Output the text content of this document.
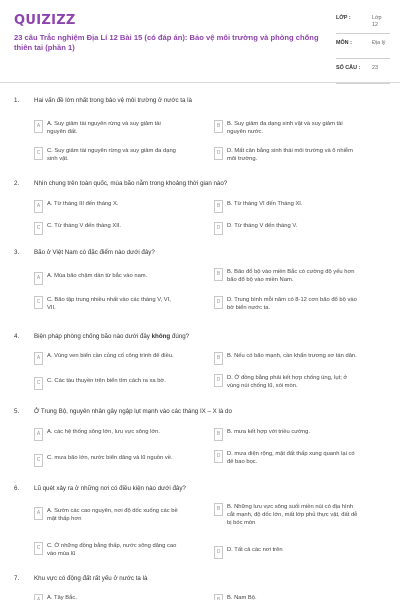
QUIZIZZ
23 câu Trắc nghiệm Địa Lí 12 Bài 15 (có đáp án): Bảo vệ môi trường và phòng chống thiên tai (phần 1)
LỚP :	Lớp 12
MÔN :	Địa lý
SỐ CÂU : 23
1. Hai vấn đề lớn nhất trong bảo vệ môi trường ở nước ta là
A	A. Suy giảm tài nguyên rừng và suy giảm tài nguyên đất.
B	B. Suy giảm đa dạng sinh vật và suy giảm tài nguyên nước.
C	C. Suy giảm tài nguyên rừng và suy giảm đa dạng sinh vật.
D	D. Mất cân bằng sinh thái môi trường và ô nhiễm môi trường.
2. Nhìn chung trên toàn quốc, mùa bão nằm trong khoảng thời gian nào?
A	A. Từ tháng III đến tháng X.	B	B. Từ tháng VI đến Tháng XI.
C	C. Từ tháng V đến tháng XII.	D	D. Từ tháng V đến tháng V.
3. Bão ở Việt Nam có đặc điểm nào dưới đây?
A	A. Mùa bão chậm dần từ bắc vào nam.	B	B. Bão đổ bộ vào miền Bắc có cường độ yếu hơn bão đổ bộ vào miền Nam.
C	C. Bão tập trung nhiều nhất vào các tháng V, VI, VII.
D	D. Trung bình mỗi năm có 8-12 cơn bão đổ bộ vào bờ biển nước ta.
4. Biện pháp phòng chống bão nào dưới đây không đúng?
A	A. Vùng ven biển cần củng cố công trình đê điều.	B	B. Nếu có bão mạnh, cần khẩn trương sơ tán dân.
C	C. Các tàu thuyền trên biển tìm cách ra xa bờ.	D	D. Ở đồng bằng phải kết hợp chống úng, lụt; ở vùng núi chống lũ, xói mòn.
5. Ở Trung Bộ, nguyên nhân gây ngập lụt mạnh vào các tháng IX – X là do
A	A. các hệ thống sông lớn, lưu vực sông lớn.	B	B. mưa kết hợp với triều cường.
C	C. mưa bão lớn, nước biển dâng và lũ nguồn về.	D	D. mưa diện rộng, mặt đất thấp xung quanh lại có đê bao bọc.
6. Lũ quét xảy ra ở những nơi có điều kiện nào dưới đây?
A	A. Sườn các cao nguyên, nơi độ dốc xuống các bề mặt thấp hơn
B	B. Những lưu vực sông suối miền núi có địa hình cắt mạnh, độ dốc lớn, mất lớp phủ thực vật, đất dễ bị bóc mòn
C	C. Ở những đồng bằng thấp, nước sông dâng cao vào mùa lũ	D	D. Tất cả các nơi trên
7. Khu vực có động đất rất yếu ở nước ta là
A	A. Tây Bắc.	B	B. Nam Bộ.
